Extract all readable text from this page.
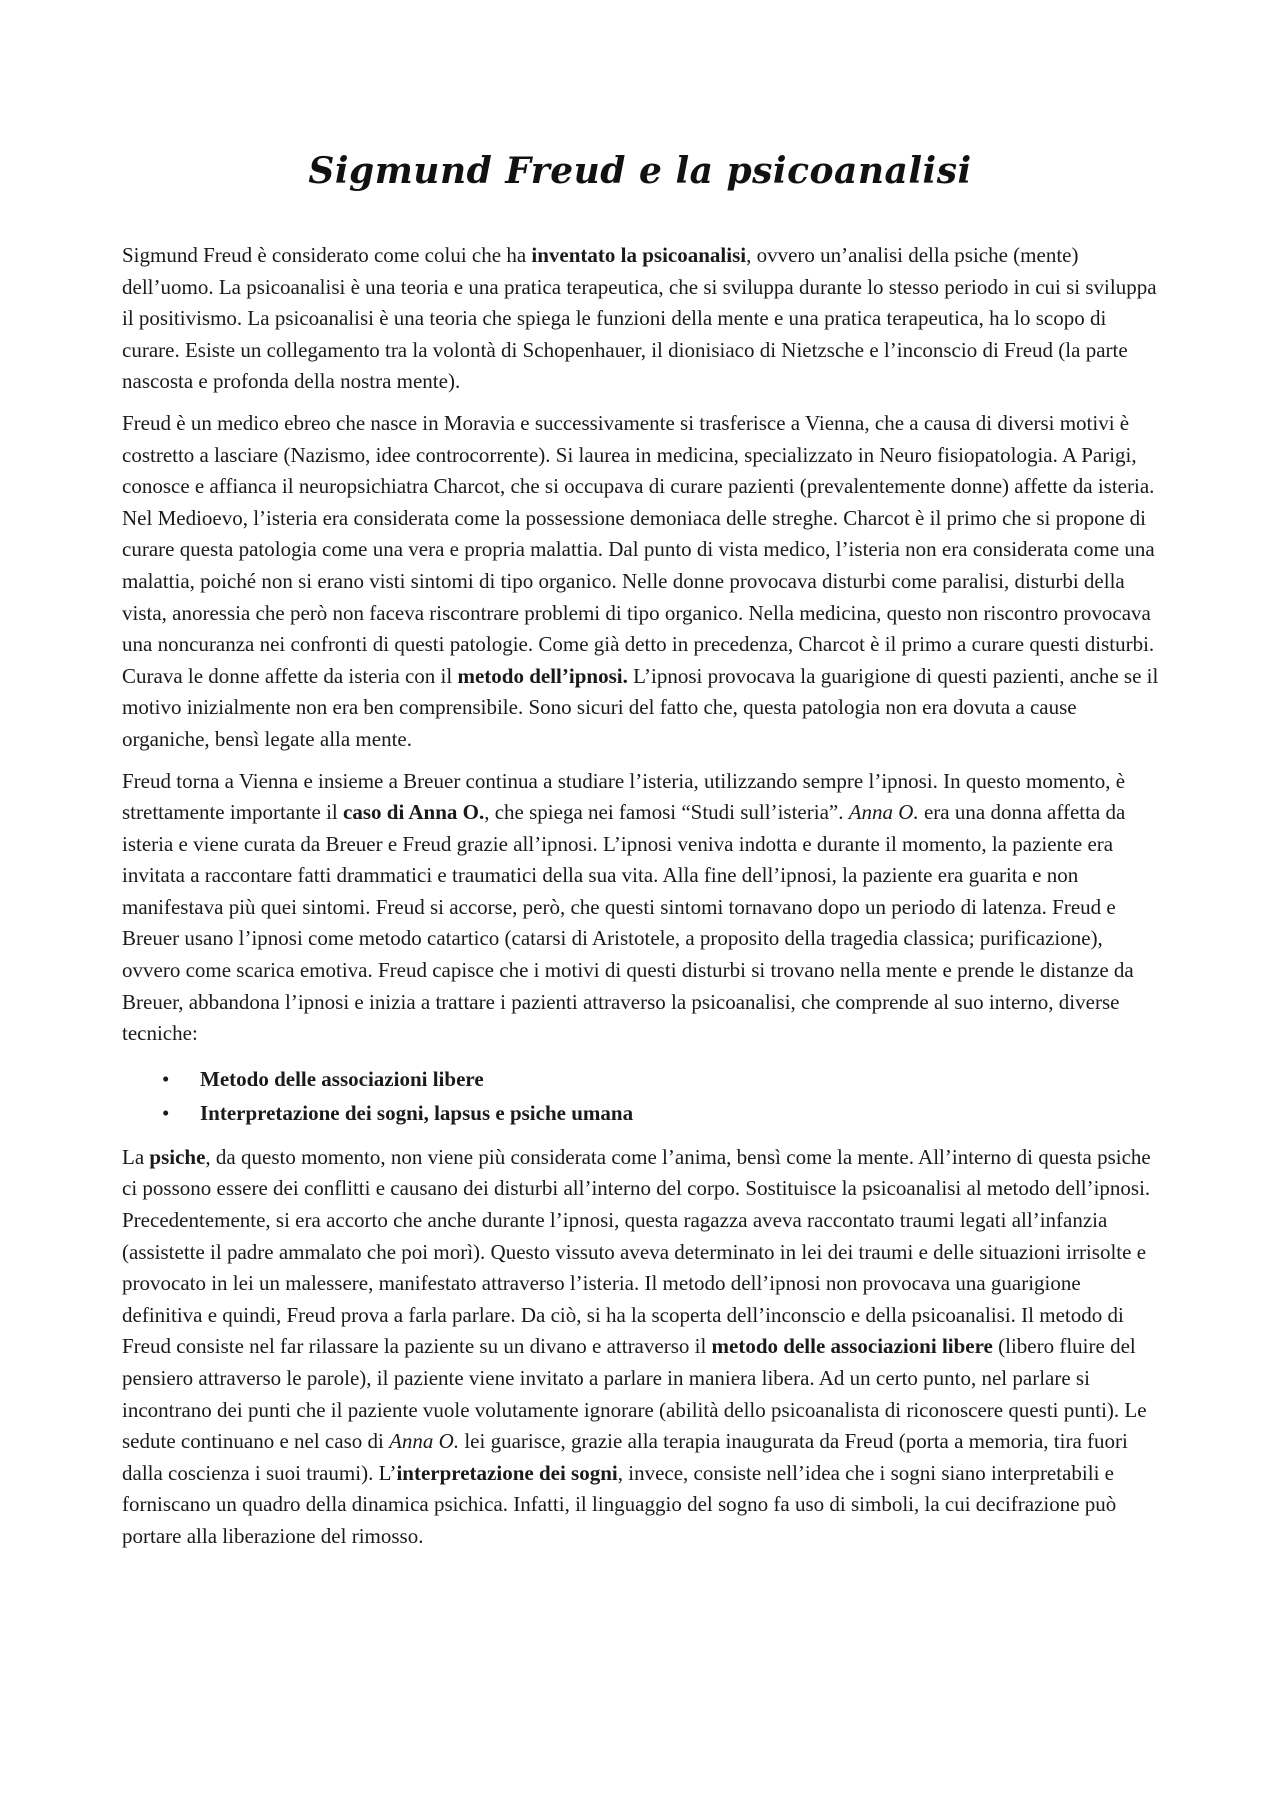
Sigmund Freud e la psicoanalisi

Sigmund Freud è considerato come colui che ha inventato la psicoanalisi, ovvero un’analisi della psiche (mente) dell’uomo. La psicoanalisi è una teoria e una pratica terapeutica, che si sviluppa durante lo stesso periodo in cui si sviluppa il positivismo. La psicoanalisi è una teoria che spiega le funzioni della mente e una pratica terapeutica, ha lo scopo di curare. Esiste un collegamento tra la volontà di Schopenhauer, il dionisiaco di Nietzsche e l’inconscio di Freud (la parte nascosta e profonda della nostra mente).

Freud è un medico ebreo che nasce in Moravia e successivamente si trasferisce a Vienna, che a causa di diversi motivi è costretto a lasciare (Nazismo, idee controcorrente). Si laurea in medicina, specializzato in Neuro fisiopatologia. A Parigi, conosce e affianca il neuropsichiatra Charcot, che si occupava di curare pazienti (prevalentemente donne) affette da isteria. Nel Medioevo, l’isteria era considerata come la possessione demoniaca delle streghe. Charcot è il primo che si propone di curare questa patologia come una vera e propria malattia. Dal punto di vista medico, l’isteria non era considerata come una malattia, poiché non si erano visti sintomi di tipo organico. Nelle donne provocava disturbi come paralisi, disturbi della vista, anoressia che però non faceva riscontrare problemi di tipo organico. Nella medicina, questo non riscontro provocava una noncuranza nei confronti di questi patologie. Come già detto in precedenza, Charcot è il primo a curare questi disturbi. Curava le donne affette da isteria con il metodo dell’ipnosi. L’ipnosi provocava la guarigione di questi pazienti, anche se il motivo inizialmente non era ben comprensibile. Sono sicuri del fatto che, questa patologia non era dovuta a cause organiche, bensì legate alla mente.

Freud torna a Vienna e insieme a Breuer continua a studiare l’isteria, utilizzando sempre l’ipnosi. In questo momento, è strettamente importante il caso di Anna O., che spiega nei famosi “Studi sull’isteria”. Anna O. era una donna affetta da isteria e viene curata da Breuer e Freud grazie all’ipnosi. L’ipnosi veniva indotta e durante il momento, la paziente era invitata a raccontare fatti drammatici e traumatici della sua vita. Alla fine dell’ipnosi, la paziente era guarita e non manifestava più quei sintomi. Freud si accorse, però, che questi sintomi tornavano dopo un periodo di latenza. Freud e Breuer usano l’ipnosi come metodo catartico (catarsi di Aristotele, a proposito della tragedia classica; purificazione), ovvero come scarica emotiva. Freud capisce che i motivi di questi disturbi si trovano nella mente e prende le distanze da Breuer, abbandona l’ipnosi e inizia a trattare i pazienti attraverso la psicoanalisi, che comprende al suo interno, diverse tecniche:

• Metodo delle associazioni libere
• Interpretazione dei sogni, lapsus e psiche umana

La psiche, da questo momento, non viene più considerata come l’anima, bensì come la mente. All’interno di questa psiche ci possono essere dei conflitti e causano dei disturbi all’interno del corpo. Sostituisce la psicoanalisi al metodo dell’ipnosi. Precedentemente, si era accorto che anche durante l’ipnosi, questa ragazza aveva raccontato traumi legati all’infanzia (assistette il padre ammalato che poi morì). Questo vissuto aveva determinato in lei dei traumi e delle situazioni irrisolte e provocato in lei un malessere, manifestato attraverso l’isteria. Il metodo dell’ipnosi non provocava una guarigione definitiva e quindi, Freud prova a farla parlare. Da ciò, si ha la scoperta dell’inconscio e della psicoanalisi. Il metodo di Freud consiste nel far rilassare la paziente su un divano e attraverso il metodo delle associazioni libere (libero fluire del pensiero attraverso le parole), il paziente viene invitato a parlare in maniera libera. Ad un certo punto, nel parlare si incontrano dei punti che il paziente vuole volutamente ignorare (abilità dello psicoanalista di riconoscere questi punti). Le sedute continuano e nel caso di Anna O. lei guarisce, grazie alla terapia inaugurata da Freud (porta a memoria, tira fuori dalla coscienza i suoi traumi). L’interpretazione dei sogni, invece, consiste nell’idea che i sogni siano interpretabili e forniscano un quadro della dinamica psichica. Infatti, il linguaggio del sogno fa uso di simboli, la cui decifrazione può portare alla liberazione del rimosso.
